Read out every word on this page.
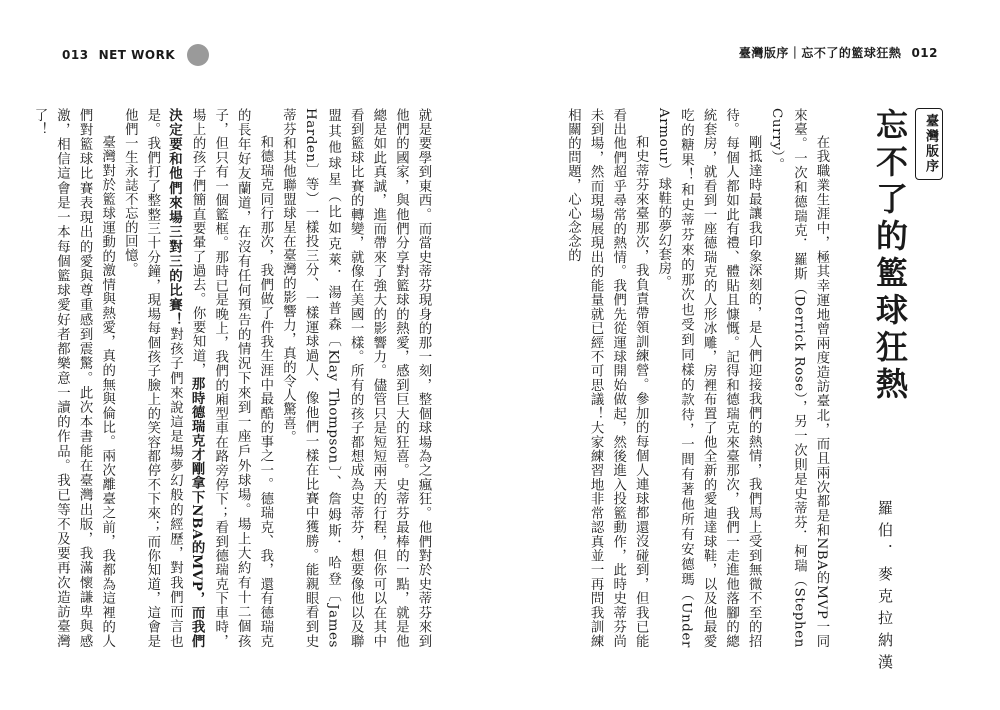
013 NET WORK

就是要學到東西。而當史蒂芬現身的那一刻，整個球場為之瘋狂。他們對於史蒂芬來到他們的國家，與他們分享對籃球的熱愛，感到巨大的狂喜。史蒂芬最棒的一點，就是他總是如此真誠，進而帶來了強大的影響力。儘管只是短短兩天的行程，但你可以在其中看到籃球比賽的轉變，就像在美國一樣。所有的孩子都想成為史蒂芬，想要像他以及聯盟其他球星（比如克萊．湯普森〔Klay Thompson〕、詹姆斯．哈登〔James Harden〕等）一樣投三分、一樣運球過人、像他們一樣在比賽中獲勝。能親眼看到史蒂芬和其他聯盟球星在臺灣的影響力，真的令人驚喜。

和德瑞克同行那次，我們做了件我生涯中最酷的事之一。德瑞克、我，還有德瑞克的長年好友蘭道，在沒有任何預告的情況下來到一座戶外球場。場上大約有十二個孩子，但只有一個籃框。那時已是晚上，我們的廂型車在路旁停下；看到德瑞克下車時，場上的孩子們簡直要暈了過去。你要知道，那時德瑞克才剛拿下NBA的MVP，而我們決定要和他們來場三對三的比賽！對孩子們來說這是場夢幻般的經歷，對我們而言也是。我們打了整整三十分鐘，現場每個孩子臉上的笑容都停不下來；而你知道，這會是他們一生永誌不忘的回憶。

臺灣對於籃球運動的激情與熱愛，真的無與倫比。兩次離臺之前，我都為這裡的人們對籃球比賽表現出的愛與尊重感到震驚。此次本書能在臺灣出版，我滿懷謙卑與感激，相信這會是一本每個籃球愛好者都樂意一讀的作品。我已等不及要再次造訪臺灣了！

臺灣版序｜忘不了的籃球狂熱 012
臺灣版序
忘不了的籃球狂熱
羅伯．麥克拉納漢

在我職業生涯中，極其幸運地曾兩度造訪臺北，而且兩次都是和NBA的MVP一同來臺。一次和德瑞克．羅斯（Derrick Rose），另一次則是史蒂芬．柯瑞（Stephen Curry）。

剛抵達時最讓我印象深刻的，是人們迎接我們的熱情，我們馬上受到無微不至的招待。每個人都如此有禮、體貼且慷慨。記得和德瑞克來臺那次，我們一走進他落腳的總統套房，就看到一座德瑞克的人形冰雕，房裡布置了他全新的愛迪達球鞋，以及他最愛吃的糖果！和史蒂芬來的那次也受到同樣的款待，一間有著他所有安德瑪（Under Armour）球鞋的夢幻套房。

和史蒂芬來臺那次，我負責帶領訓練營。參加的每個人連球都還沒碰到，但我已能看出他們超乎尋常的熱情。我們先從運球開始做起，然後進入投籃動作，此時史蒂芬尚未到場，然而現場展現出的能量就已經不可思議！大家練習地非常認真並一再問我訓練相關的問題，心心念念的
